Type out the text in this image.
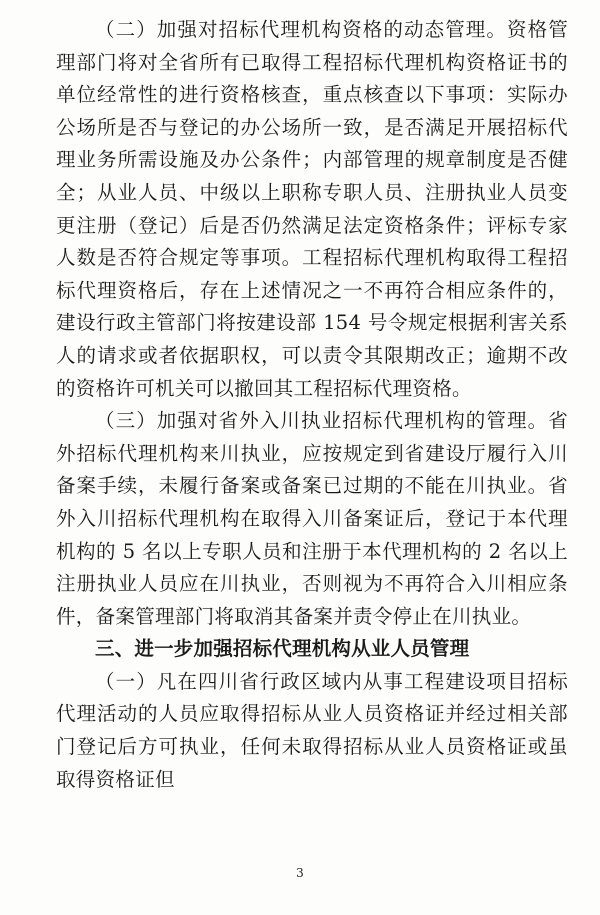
（二）加强对招标代理机构资格的动态管理。资格管理部门将对全省所有已取得工程招标代理机构资格证书的单位经常性的进行资格核查，重点核查以下事项：实际办公场所是否与登记的办公场所一致，是否满足开展招标代理业务所需设施及办公条件；内部管理的规章制度是否健全；从业人员、中级以上职称专职人员、注册执业人员变更注册（登记）后是否仍然满足法定资格条件；评标专家人数是否符合规定等事项。工程招标代理机构取得工程招标代理资格后，存在上述情况之一不再符合相应条件的，建设行政主管部门将按建设部 154 号令规定根据利害关系人的请求或者依据职权，可以责令其限期改正；逾期不改的资格许可机关可以撤回其工程招标代理资格。

（三）加强对省外入川执业招标代理机构的管理。省外招标代理机构来川执业，应按规定到省建设厅履行入川备案手续，未履行备案或备案已过期的不能在川执业。省外入川招标代理机构在取得入川备案证后，登记于本代理机构的 5 名以上专职人员和注册于本代理机构的 2 名以上注册执业人员应在川执业，否则视为不再符合入川相应条件，备案管理部门将取消其备案并责令停止在川执业。

三、进一步加强招标代理机构从业人员管理

（一）凡在四川省行政区域内从事工程建设项目招标代理活动的人员应取得招标从业人员资格证并经过相关部门登记后方可执业，任何未取得招标从业人员资格证或虽取得资格证但

3
